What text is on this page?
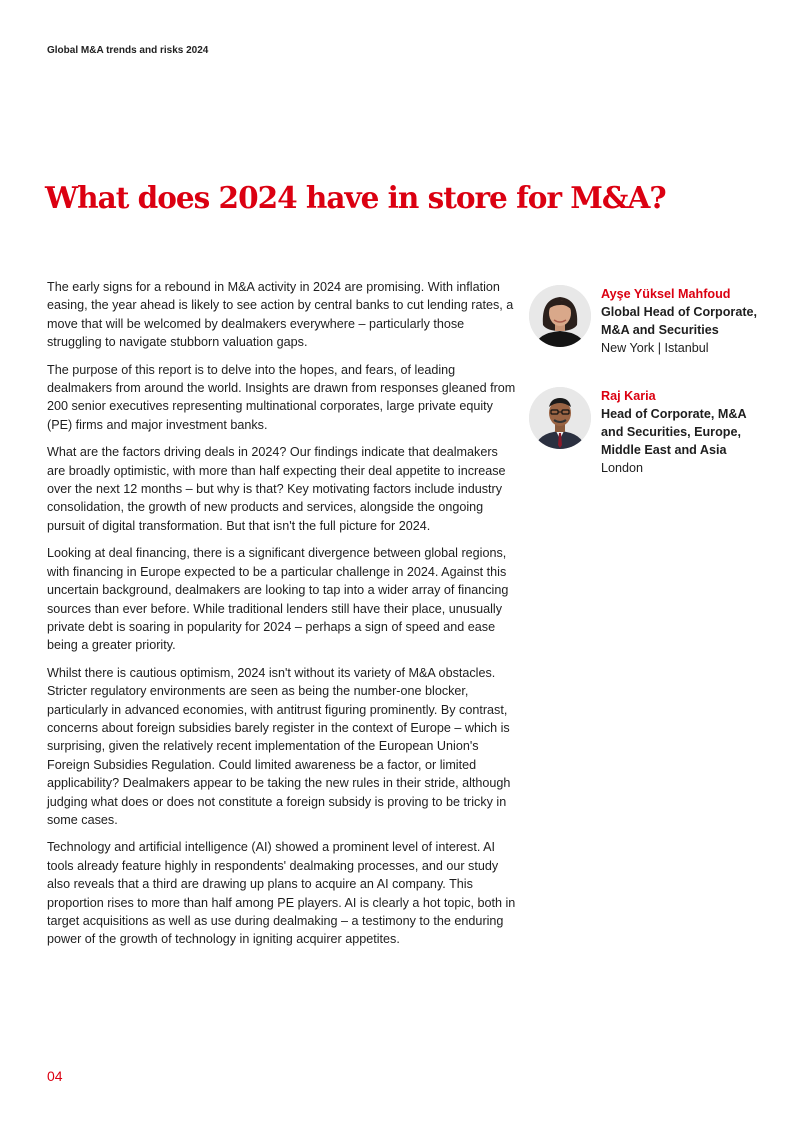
Global M&A trends and risks 2024
What does 2024 have in store for M&A?

The early signs for a rebound in M&A activity in 2024 are promising. With inflation easing, the year ahead is likely to see action by central banks to cut lending rates, a move that will be welcomed by dealmakers everywhere – particularly those struggling to navigate stubborn valuation gaps.

The purpose of this report is to delve into the hopes, and fears, of leading dealmakers from around the world. Insights are drawn from responses gleaned from 200 senior executives representing multinational corporates, large private equity (PE) firms and major investment banks.

What are the factors driving deals in 2024? Our findings indicate that dealmakers are broadly optimistic, with more than half expecting their deal appetite to increase over the next 12 months – but why is that? Key motivating factors include industry consolidation, the growth of new products and services, alongside the ongoing pursuit of digital transformation. But that isn't the full picture for 2024.

Looking at deal financing, there is a significant divergence between global regions, with financing in Europe expected to be a particular challenge in 2024. Against this uncertain background, dealmakers are looking to tap into a wider array of financing sources than ever before. While traditional lenders still have their place, unusually private debt is soaring in popularity for 2024 – perhaps a sign of speed and ease being a greater priority.

Whilst there is cautious optimism, 2024 isn't without its variety of M&A obstacles. Stricter regulatory environments are seen as being the number-one blocker, particularly in advanced economies, with antitrust figuring prominently. By contrast, concerns about foreign subsidies barely register in the context of Europe – which is surprising, given the relatively recent implementation of the European Union's Foreign Subsidies Regulation. Could limited awareness be a factor, or limited applicability? Dealmakers appear to be taking the new rules in their stride, although judging what does or does not constitute a foreign subsidy is proving to be tricky in some cases.

Technology and artificial intelligence (AI) showed a prominent level of interest. AI tools already feature highly in respondents' dealmaking processes, and our study also reveals that a third are drawing up plans to acquire an AI company. This proportion rises to more than half among PE players. AI is clearly a hot topic, both in target acquisitions as well as use during dealmaking – a testimony to the enduring power of the growth of technology in igniting acquirer appetites.

Ayşe Yüksel Mahfoud
Global Head of Corporate, M&A and Securities
New York | Istanbul
Raj Karia
Head of Corporate, M&A and Securities, Europe, Middle East and Asia
London
04
